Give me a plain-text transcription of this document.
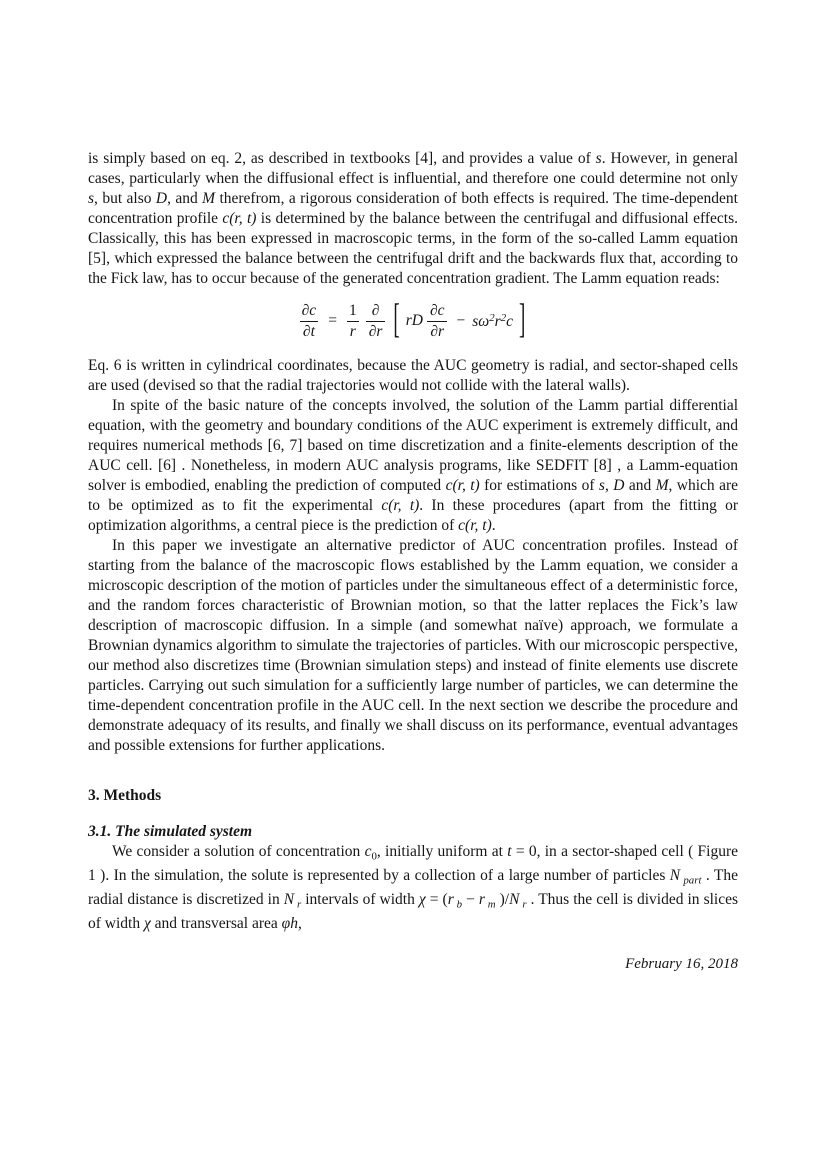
is simply based on eq. 2, as described in textbooks [4], and provides a value of s. However, in general cases, particularly when the diffusional effect is influential, and therefore one could determine not only s, but also D, and M therefrom, a rigorous consideration of both effects is required. The time-dependent concentration profile c(r, t) is determined by the balance between the centrifugal and diffusional effects. Classically, this has been expressed in macroscopic terms, in the form of the so-called Lamm equation [5], which expressed the balance between the centrifugal drift and the backwards flux that, according to the Fick law, has to occur because of the generated concentration gradient. The Lamm equation reads:

$\frac{\partial c}{\partial t} = \frac{1}{r} \frac{\partial}{\partial r}$ [ rD $\frac{\partial c}{\partial r} - s\omega^2r^2c$ ]

Eq. 6 is written in cylindrical coordinates, because the AUC geometry is radial, and sector-shaped cells are used (devised so that the radial trajectories would not collide with the lateral walls).

In spite of the basic nature of the concepts involved, the solution of the Lamm partial differential equation, with the geometry and boundary conditions of the AUC experiment is extremely difficult, and requires numerical methods [6, 7] based on time discretization and a finite-elements description of the AUC cell. [6] . Nonetheless, in modern AUC analysis programs, like SEDFIT [8] , a Lamm-equation solver is embodied, enabling the prediction of computed c(r, t) for estimations of s, D and M, which are to be optimized as to fit the experimental c(r, t). In these procedures (apart from the fitting or optimization algorithms, a central piece is the prediction of c(r, t).

In this paper we investigate an alternative predictor of AUC concentration profiles. Instead of starting from the balance of the macroscopic flows established by the Lamm equation, we consider a microscopic description of the motion of particles under the simultaneous effect of a deterministic force, and the random forces characteristic of Brownian motion, so that the latter replaces the Fick’s law description of macroscopic diffusion. In a simple (and somewhat naïve) approach, we formulate a Brownian dynamics algorithm to simulate the trajectories of particles. With our microscopic perspective, our method also discretizes time (Brownian simulation steps) and instead of finite elements use discrete particles. Carrying out such simulation for a sufficiently large number of particles, we can determine the time-dependent concentration profile in the AUC cell. In the next section we describe the procedure and demonstrate adequacy of its results, and finally we shall discuss on its performance, eventual advantages and possible extensions for further applications.

3. Methods
3.1. The simulated system

We consider a solution of concentration $c_0$, initially uniform at t = 0, in a sector-shaped cell ( Figure 1 ). In the simulation, the solute is represented by a collection of a large number of particles N $_{part}$ . The radial distance is discretized in N $_r$ intervals of width χ = (r $_b$ − r $_m$ )/N $_r$ . Thus the cell is divided in slices of width χ and transversal area φh,

February 16, 2018
